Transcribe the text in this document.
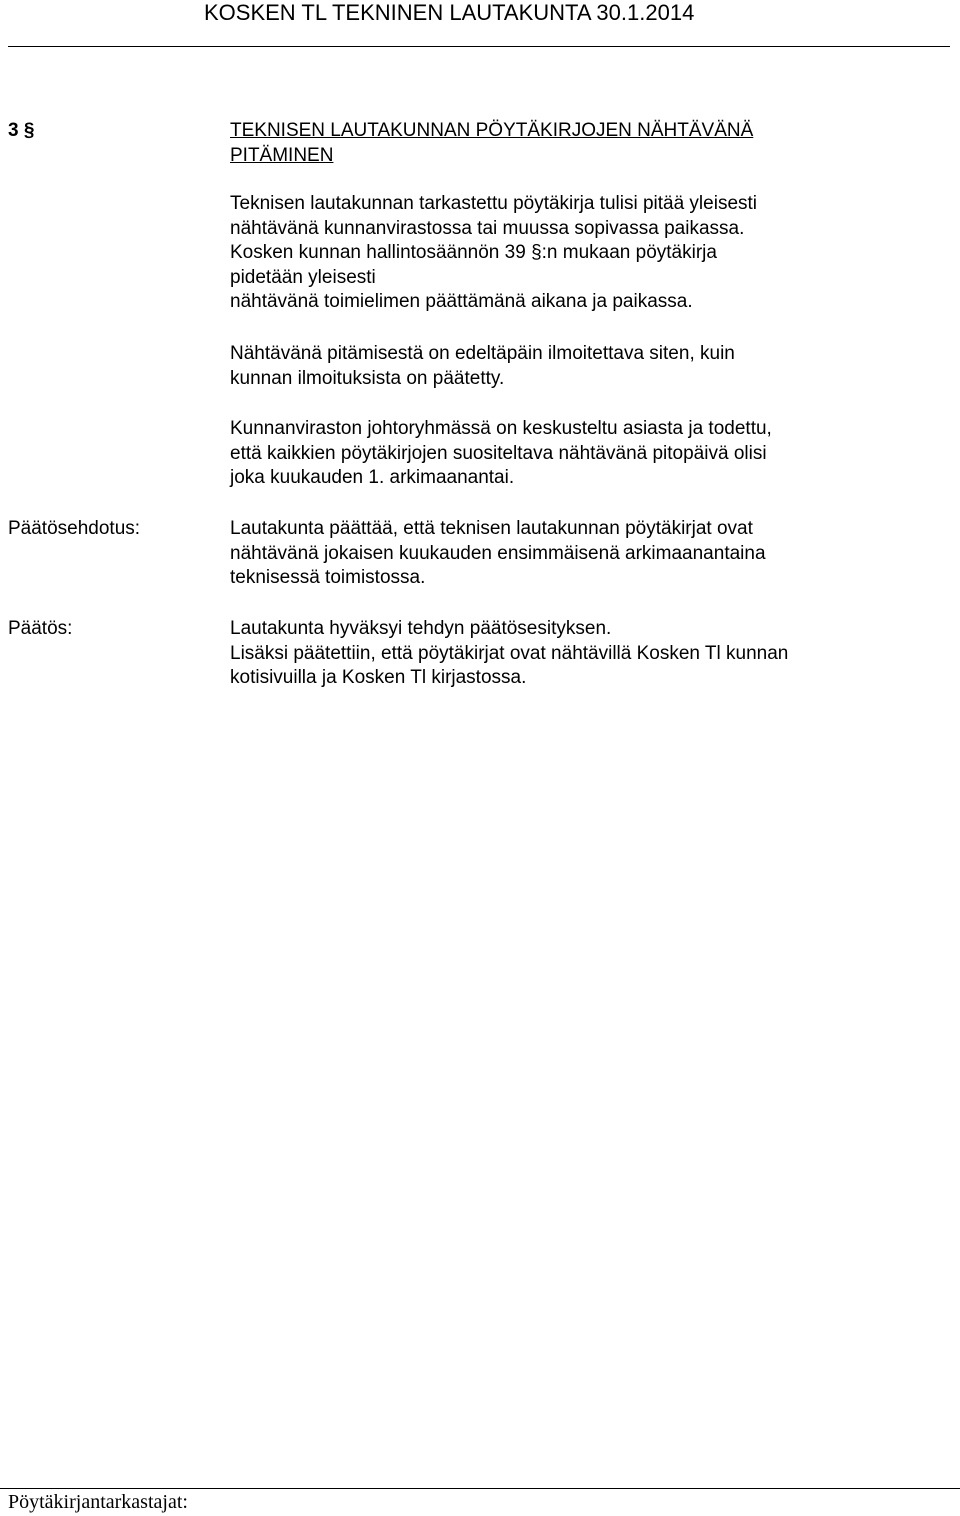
KOSKEN TL TEKNINEN LAUTAKUNTA 30.1.2014
3 §	TEKNISEN LAUTAKUNNAN PÖYTÄKIRJOJEN NÄHTÄVÄNÄ
PITÄMINEN
Teknisen lautakunnan tarkastettu pöytäkirja tulisi pitää yleisesti
nähtävänä kunnanvirastossa tai muussa sopivassa paikassa.
Kosken kunnan hallintosäännön 39 §:n mukaan pöytäkirja
pidetään yleisesti
nähtävänä toimielimen päättämänä aikana ja paikassa.
Nähtävänä pitämisestä on edeltäpäin ilmoitettava siten, kuin
kunnan ilmoituksista on päätetty.
Kunnanviraston johtoryhmässä on keskusteltu asiasta ja todettu,
että kaikkien pöytäkirjojen suositeltava nähtävänä pitopäivä olisi
joka kuukauden 1. arkimaanantai.
Päätösehdotus:	Lautakunta päättää, että teknisen lautakunnan pöytäkirjat ovat
nähtävänä jokaisen kuukauden ensimmäisenä arkimaanantaina
teknisessä toimistossa.
Päätös:	Lautakunta hyväksyi tehdyn päätösesityksen.
Lisäksi päätettiin, että pöytäkirjat ovat nähtävillä Kosken Tl kunnan
kotisivuilla ja Kosken Tl kirjastossa.
Pöytäkirjantarkastajat:
